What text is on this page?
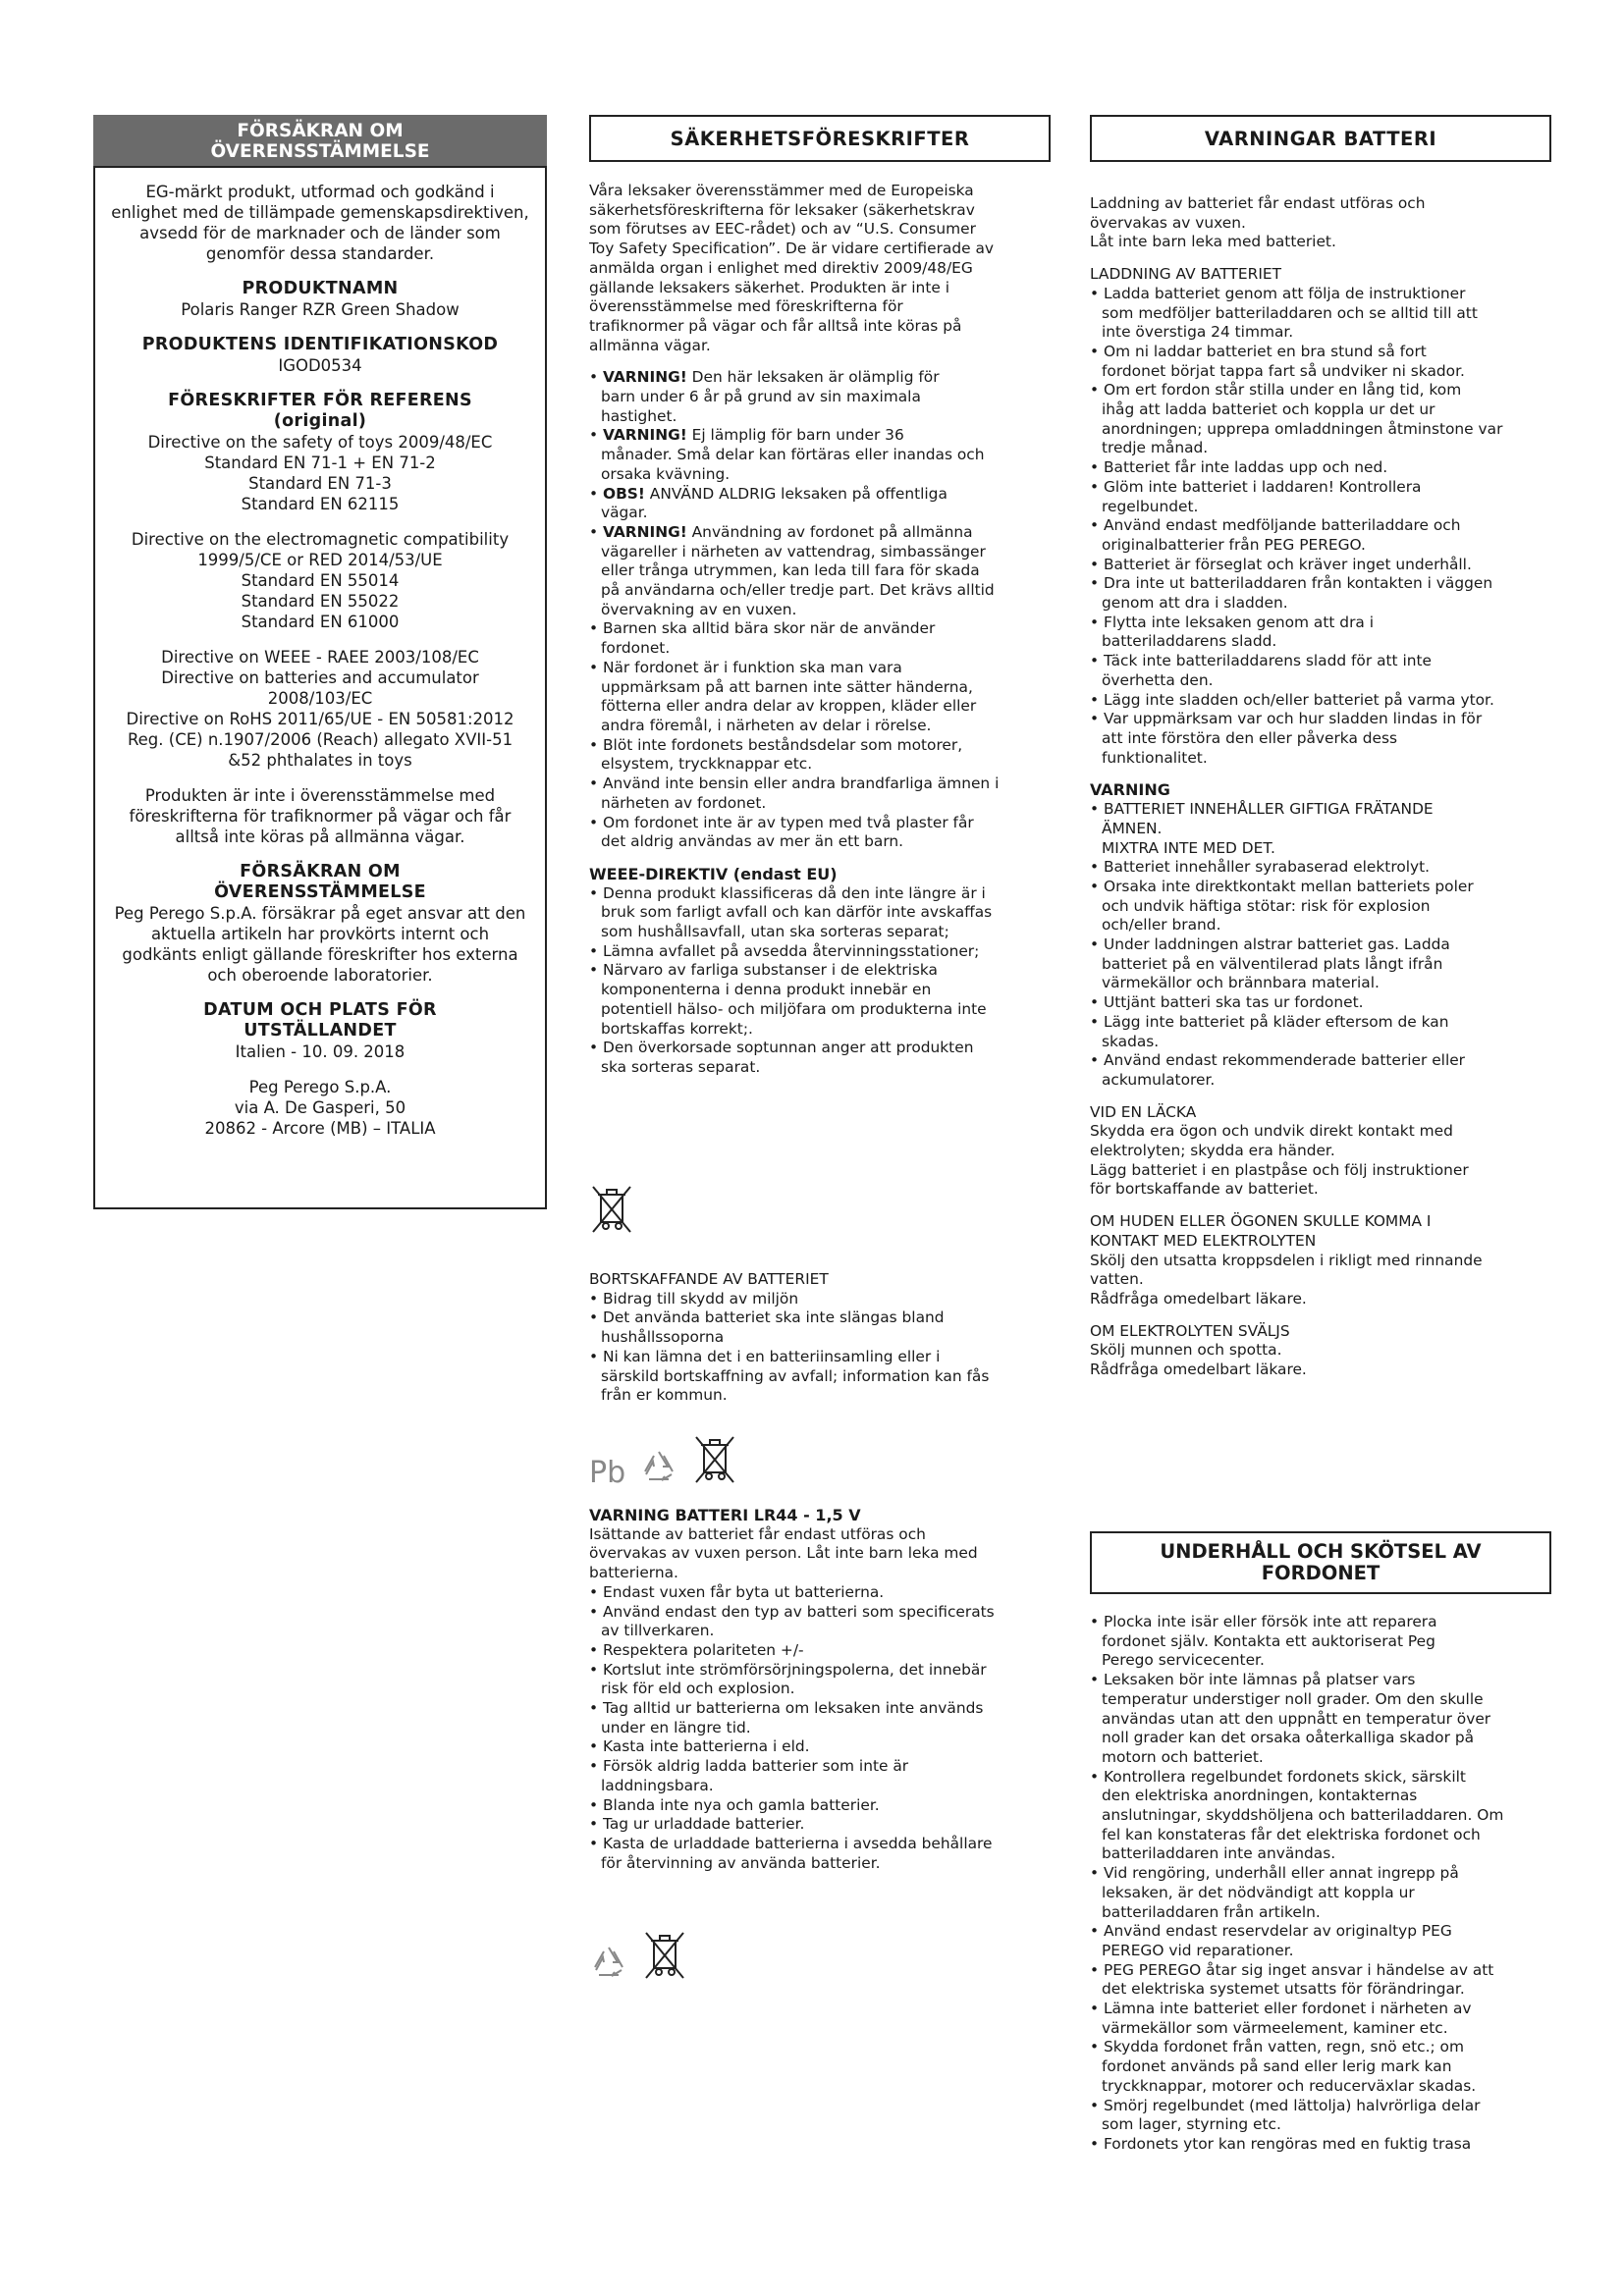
FÖRSÄKRAN OM
ÖVERENSSTÄMMELSE

EG-märkt produkt, utformad och godkänd i

enlighet med de tillämpade gemenskapsdirektiven,

avsedd för de marknader och de länder som

genomför dessa standarder.

PRODUKTNAMN

Polaris Ranger RZR Green Shadow

PRODUKTENS IDENTIFIKATIONSKOD

IGOD0534

FÖRESKRIFTER FÖR REFERENS

(original)

Directive on the safety of toys 2009/48/EC

Standard EN 71-1 + EN 71-2

Standard EN 71-3

Standard EN 62115

Directive on the electromagnetic compatibility

1999/5/CE or RED 2014/53/UE

Standard EN 55014

Standard EN 55022

Standard EN 61000

Directive on WEEE - RAEE 2003/108/EC

Directive on batteries and accumulator

2008/103/EC

Directive on RoHS 2011/65/UE - EN 50581:2012

Reg. (CE) n.1907/2006 (Reach) allegato XVII-51

&52 phthalates in toys

Produkten är inte i överensstämmelse med

föreskrifterna för trafiknormer på vägar och får

alltså inte köras på allmänna vägar.

FÖRSÄKRAN OM

ÖVERENSSTÄMMELSE

Peg Perego S.p.A. försäkrar på eget ansvar att den

aktuella artikeln har provkörts internt och

godkänts enligt gällande föreskrifter hos externa

och oberoende laboratorier.

DATUM OCH PLATS FÖR

UTSTÄLLANDET

Italien - 10. 09. 2018

Peg Perego S.p.A.

via A. De Gasperi, 50

20862 - Arcore (MB) – ITALIA

SÄKERHETSFÖRESKRIFTER

Våra leksaker överensstämmer med de Europeiska

säkerhetsföreskrifterna för leksaker (säkerhetskrav

som förutses av EEC-rådet) och av “U.S. Consumer

Toy Safety Specification”. De är vidare certifierade av

anmälda organ i enlighet med direktiv 2009/48/EG

gällande leksakers säkerhet. Produkten är inte i

överensstämmelse med föreskrifterna för

trafiknormer på vägar och får alltså inte köras på

allmänna vägar.

• VARNING! Den här leksaken är olämplig för

barn under 6 år på grund av sin maximala

hastighet.

• VARNING! Ej lämplig för barn under 36

månader. Små delar kan förtäras eller inandas och

orsaka kvävning.

• OBS! ANVÄND ALDRIG leksaken på offentliga

vägar.

• VARNING! Användning av fordonet på allmänna

vägareller i närheten av vattendrag, simbassänger

eller trånga utrymmen, kan leda till fara för skada

på användarna och/eller tredje part. Det krävs alltid

övervakning av en vuxen.

• Barnen ska alltid bära skor när de använder

fordonet.

• När fordonet är i funktion ska man vara

uppmärksam på att barnen inte sätter händerna,

fötterna eller andra delar av kroppen, kläder eller

andra föremål, i närheten av delar i rörelse.

• Blöt inte fordonets beståndsdelar som motorer,

elsystem, tryckknappar etc.

• Använd inte bensin eller andra brandfarliga ämnen i

närheten av fordonet.

• Om fordonet inte är av typen med två plaster får

det aldrig användas av mer än ett barn.

WEEE-DIREKTIV (endast EU)

• Denna produkt klassificeras då den inte längre är i

bruk som farligt avfall och kan därför inte avskaffas

som hushållsavfall, utan ska sorteras separat;

• Lämna avfallet på avsedda återvinningsstationer;

• Närvaro av farliga substanser i de elektriska

komponenterna i denna produkt innebär en

potentiell hälso- och miljöfara om produkterna inte

bortskaffas korrekt;.

• Den överkorsade soptunnan anger att produkten

ska sorteras separat.

BORTSKAFFANDE AV BATTERIET

• Bidrag till skydd av miljön

• Det använda batteriet ska inte slängas bland

hushållssoporna

• Ni kan lämna det i en batteriinsamling eller i

särskild bortskaffning av avfall; information kan fås

från er kommun.

Pb

VARNING BATTERI LR44 - 1,5 V

Isättande av batteriet får endast utföras och

övervakas av vuxen person. Låt inte barn leka med

batterierna.

• Endast vuxen får byta ut batterierna.

• Använd endast den typ av batteri som specificerats

av tillverkaren.

• Respektera polariteten +/-

• Kortslut inte strömförsörjningspolerna, det innebär

risk för eld och explosion.

• Tag alltid ur batterierna om leksaken inte används

under en längre tid.

• Kasta inte batterierna i eld.

• Försök aldrig ladda batterier som inte är

laddningsbara.

• Blanda inte nya och gamla batterier.

• Tag ur urladdade batterier.

• Kasta de urladdade batterierna i avsedda behållare

för återvinning av använda batterier.

VARNINGAR BATTERI

Laddning av batteriet får endast utföras och

övervakas av vuxen.

Låt inte barn leka med batteriet.

LADDNING AV BATTERIET

• Ladda batteriet genom att följa de instruktioner

som medföljer batteriladdaren och se alltid till att

inte överstiga 24 timmar.

• Om ni laddar batteriet en bra stund så fort

fordonet börjat tappa fart så undviker ni skador.

• Om ert fordon står stilla under en lång tid, kom

ihåg att ladda batteriet och koppla ur det ur

anordningen; upprepa omladdningen åtminstone var

tredje månad.

• Batteriet får inte laddas upp och ned.

• Glöm inte batteriet i laddaren! Kontrollera

regelbundet.

• Använd endast medföljande batteriladdare och

originalbatterier från PEG PEREGO.

• Batteriet är förseglat och kräver inget underhåll.

• Dra inte ut batteriladdaren från kontakten i väggen

genom att dra i sladden.

• Flytta inte leksaken genom att dra i

batteriladdarens sladd.

• Täck inte batteriladdarens sladd för att inte

överhetta den.

• Lägg inte sladden och/eller batteriet på varma ytor.

• Var uppmärksam var och hur sladden lindas in för

att inte förstöra den eller påverka dess

funktionalitet.

VARNING

• BATTERIET INNEHÅLLER GIFTIGA FRÄTANDE

ÄMNEN.

MIXTRA INTE MED DET.

• Batteriet innehåller syrabaserad elektrolyt.

• Orsaka inte direktkontakt mellan batteriets poler

och undvik häftiga stötar: risk för explosion

och/eller brand.

• Under laddningen alstrar batteriet gas. Ladda

batteriet på en välventilerad plats långt ifrån

värmekällor och brännbara material.

• Uttjänt batteri ska tas ur fordonet.

• Lägg inte batteriet på kläder eftersom de kan

skadas.

• Använd endast rekommenderade batterier eller

ackumulatorer.

VID EN LÄCKA

Skydda era ögon och undvik direkt kontakt med

elektrolyten; skydda era händer.

Lägg batteriet i en plastpåse och följ instruktioner

för bortskaffande av batteriet.

OM HUDEN ELLER ÖGONEN SKULLE KOMMA I

KONTAKT MED ELEKTROLYTEN

Skölj den utsatta kroppsdelen i rikligt med rinnande

vatten.

Rådfråga omedelbart läkare.

OM ELEKTROLYTEN SVÄLJS

Skölj munnen och spotta.

Rådfråga omedelbart läkare.

UNDERHÅLL OCH SKÖTSEL AV
FORDONET

• Plocka inte isär eller försök inte att reparera

fordonet själv. Kontakta ett auktoriserat Peg

Perego servicecenter.

• Leksaken bör inte lämnas på platser vars

temperatur understiger noll grader. Om den skulle

användas utan att den uppnått en temperatur över

noll grader kan det orsaka oåterkalliga skador på

motorn och batteriet.

• Kontrollera regelbundet fordonets skick, särskilt

den elektriska anordningen, kontakternas

anslutningar, skyddshöljena och batteriladdaren. Om

fel kan konstateras får det elektriska fordonet och

batteriladdaren inte användas.

• Vid rengöring, underhåll eller annat ingrepp på

leksaken, är det nödvändigt att koppla ur

batteriladdaren från artikeln.

• Använd endast reservdelar av originaltyp PEG

PEREGO vid reparationer.

• PEG PEREGO åtar sig inget ansvar i händelse av att

det elektriska systemet utsatts för förändringar.

• Lämna inte batteriet eller fordonet i närheten av

värmekällor som värmeelement, kaminer etc.

• Skydda fordonet från vatten, regn, snö etc.; om

fordonet används på sand eller lerig mark kan

tryckknappar, motorer och reducerväxlar skadas.

• Smörj regelbundet (med lättolja) halvrörliga delar

som lager, styrning etc.

• Fordonets ytor kan rengöras med en fuktig trasa
